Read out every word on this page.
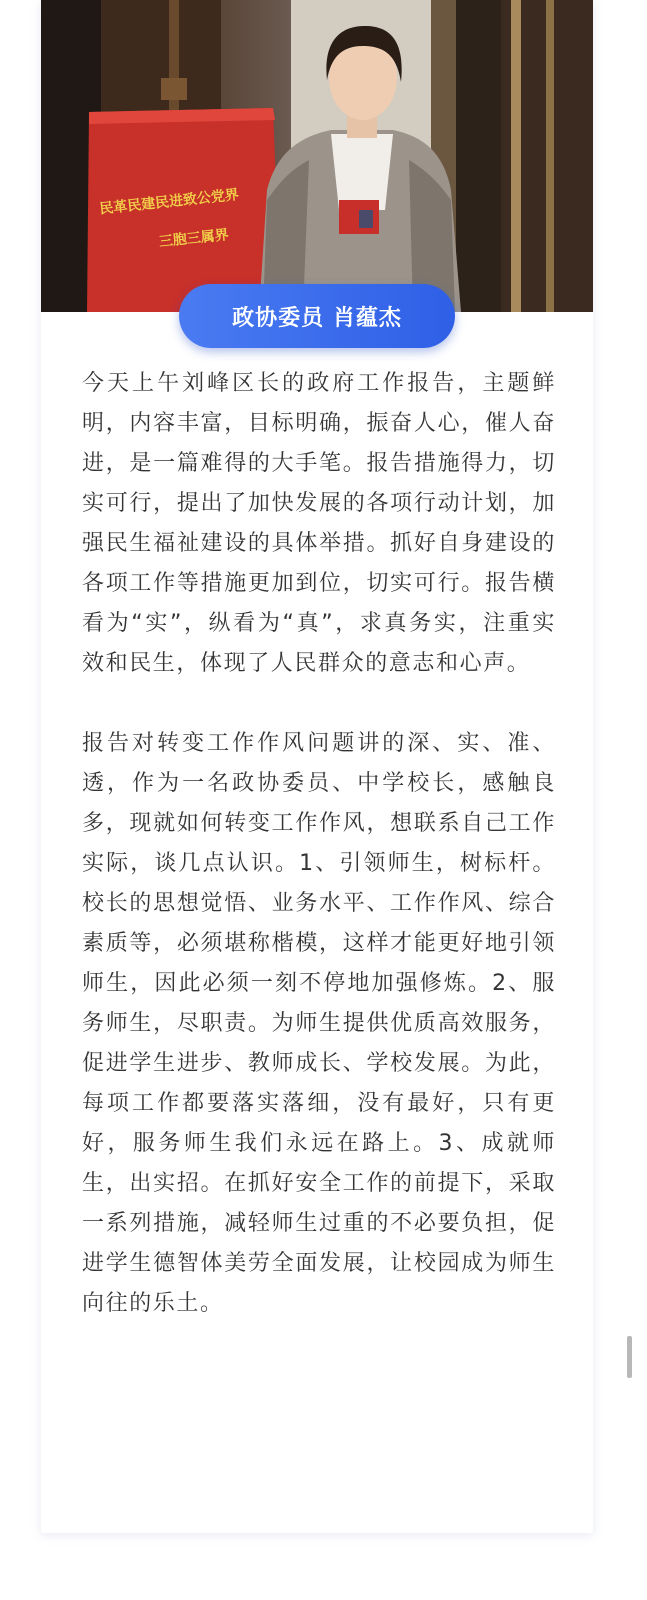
民革民建民进致公党界
三胞三属界
政协委员 肖蕴杰

今天上午刘峰区长的政府工作报告，主题鲜明，内容丰富，目标明确，振奋人心，催人奋进，是一篇难得的大手笔。报告措施得力，切实可行，提出了加快发展的各项行动计划，加强民生福祉建设的具体举措。抓好自身建设的各项工作等措施更加到位，切实可行。报告横看为“实”，纵看为“真”，求真务实，注重实效和民生，体现了人民群众的意志和心声。

报告对转变工作作风问题讲的深、实、准、透，作为一名政协委员、中学校长，感触良多，现就如何转变工作作风，想联系自己工作实际，谈几点认识。1、引领师生，树标杆。校长的思想觉悟、业务水平、工作作风、综合素质等，必须堪称楷模，这样才能更好地引领师生，因此必须一刻不停地加强修炼。2、服务师生，尽职责。为师生提供优质高效服务，促进学生进步、教师成长、学校发展。为此，每项工作都要落实落细，没有最好，只有更好，服务师生我们永远在路上。3、成就师生，出实招。在抓好安全工作的前提下，采取一系列措施，减轻师生过重的不必要负担，促进学生德智体美劳全面发展，让校园成为师生向往的乐土。
